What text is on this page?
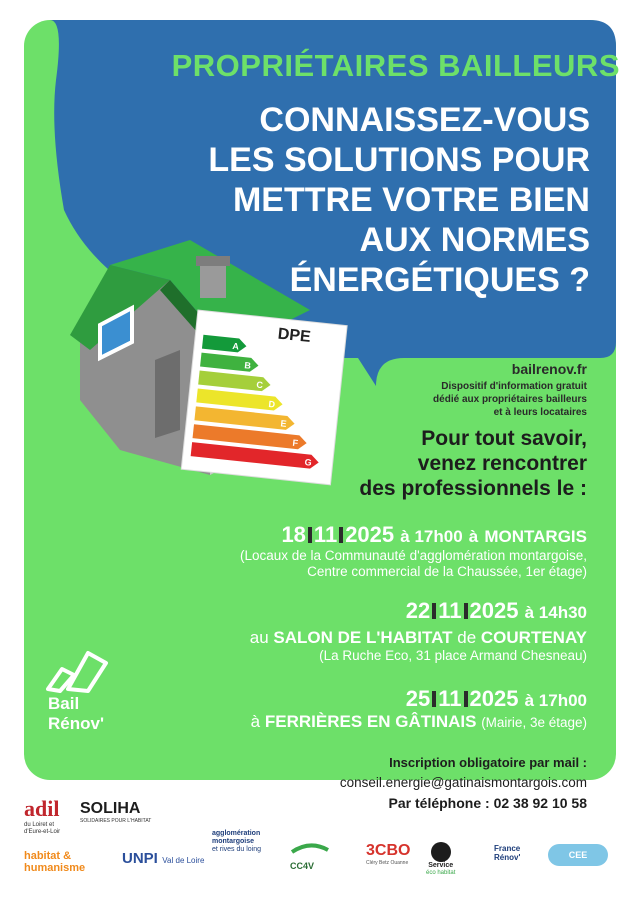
PROPRIÉTAIRES BAILLEURS
CONNAISSEZ-VOUS
LES SOLUTIONS POUR
METTRE VOTRE BIEN
AUX NORMES
ÉNERGÉTIQUES ?
A
B
C
D
E
F
G
DPE
bailrenov.fr
Dispositif d'information gratuit
dédié aux propriétaires bailleurs
et à leurs locataires
Pour tout savoir,
venez rencontrer
des professionnels le :
18 11 2025 à 17h00 à MONTARGIS
(Locaux de la Communauté d'agglomération montargoise,
Centre commercial de la Chaussée, 1er étage)
22 11 2025 à 14h30
au SALON DE L'HABITAT de COURTENAY
(La Ruche Eco, 31 place Armand Chesneau)
25 11 2025 à 17h00
à FERRIÈRES EN GÂTINAIS (Mairie, 3e étage)
Bail
Rénov'
Inscription obligatoire par mail :
conseil.energie@gatinaismontargois.com
Par téléphone : 02 38 92 10 58
adil
du Loiret et d'Eure-et-Loir
SOLIHA
SOLIDAIRES POUR L'HABITAT
habitat &
humanisme
UNPI Val de Loire
agglomération
montargoise
et rives du loing
CC4V
3CBO
Cléry Betz Ouanne	Service
éco habitat
France
Rénov'	CEE
